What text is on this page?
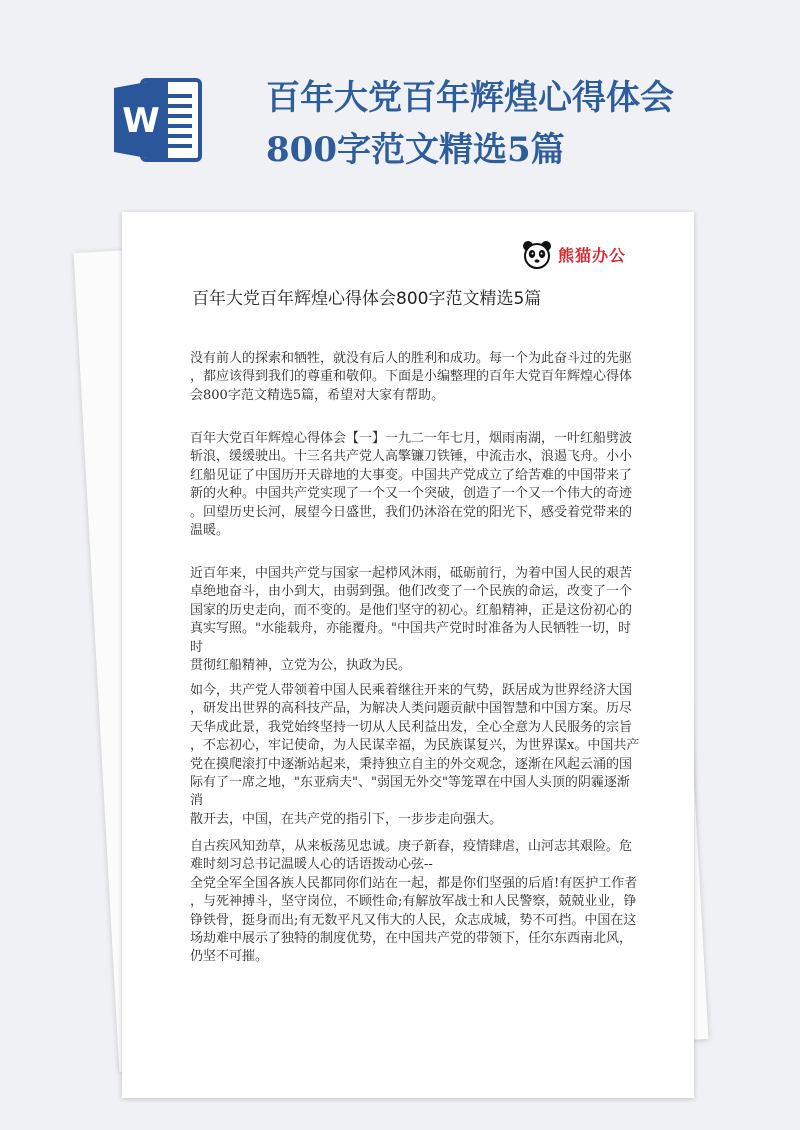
W
百年大党百年辉煌心得体会800字范文精选5篇
熊猫办公
百年大党百年辉煌心得体会800字范文精选5篇

没有前人的探索和牺牲，就没有后人的胜利和成功。每一个为此奋斗过的先驱
，都应该得到我们的尊重和敬仰。下面是小编整理的百年大党百年辉煌心得体
会800字范文精选5篇，希望对大家有帮助。

百年大党百年辉煌心得体会【一】一九二一年七月，烟雨南湖，一叶红船劈波
斩浪，缓缓驶出。十三名共产党人高擎镰刀铁锤，中流击水，浪遏飞舟。小小
红船见证了中国历开天辟地的大事变。中国共产党成立了给苦难的中国带来了
新的火种。中国共产党实现了一个又一个突破，创造了一个又一个伟大的奇迹
。回望历史长河，展望今日盛世，我们仍沐浴在党的阳光下，感受着党带来的
温暖。

近百年来，中国共产党与国家一起栉风沐雨，砥砺前行，为着中国人民的艰苦
卓绝地奋斗，由小到大，由弱到强。他们改变了一个民族的命运，改变了一个
国家的历史走向，而不变的。是他们坚守的初心。红船精神，正是这份初心的
真实写照。"水能载舟，亦能覆舟。"中国共产党时时准备为人民牺牲一切，时时
贯彻红船精神，立党为公，执政为民。

如今，共产党人带领着中国人民乘着继往开来的气势，跃居成为世界经济大国
，研发出世界的高科技产品，为解决人类问题贡献中国智慧和中国方案。历尽
天华成此景，我党始终坚持一切从人民利益出发，全心全意为人民服务的宗旨
，不忘初心，牢记使命，为人民谋幸福，为民族谋复兴，为世界谋x。中国共产
党在摸爬滚打中逐渐站起来，秉持独立自主的外交观念，逐渐在风起云涌的国
际有了一席之地，"东亚病夫"、"弱国无外交"等笼罩在中国人头顶的阴霾逐渐消
散开去，中国，在共产党的指引下，一步步走向强大。

自古疾风知劲草，从来板荡见忠诚。庚子新春，疫情肆虐，山河志其艰险。危
难时刻习总书记温暖人心的话语拨动心弦--
全党全军全国各族人民都同你们站在一起，都是你们坚强的后盾!有医护工作者
，与死神搏斗，坚守岗位，不顾性命;有解放军战士和人民警察，兢兢业业，铮
铮铁骨，挺身而出;有无数平凡又伟大的人民，众志成城，势不可挡。中国在这
场劫难中展示了独特的制度优势，在中国共产党的带领下，任尔东西南北风，
仍坚不可摧。
